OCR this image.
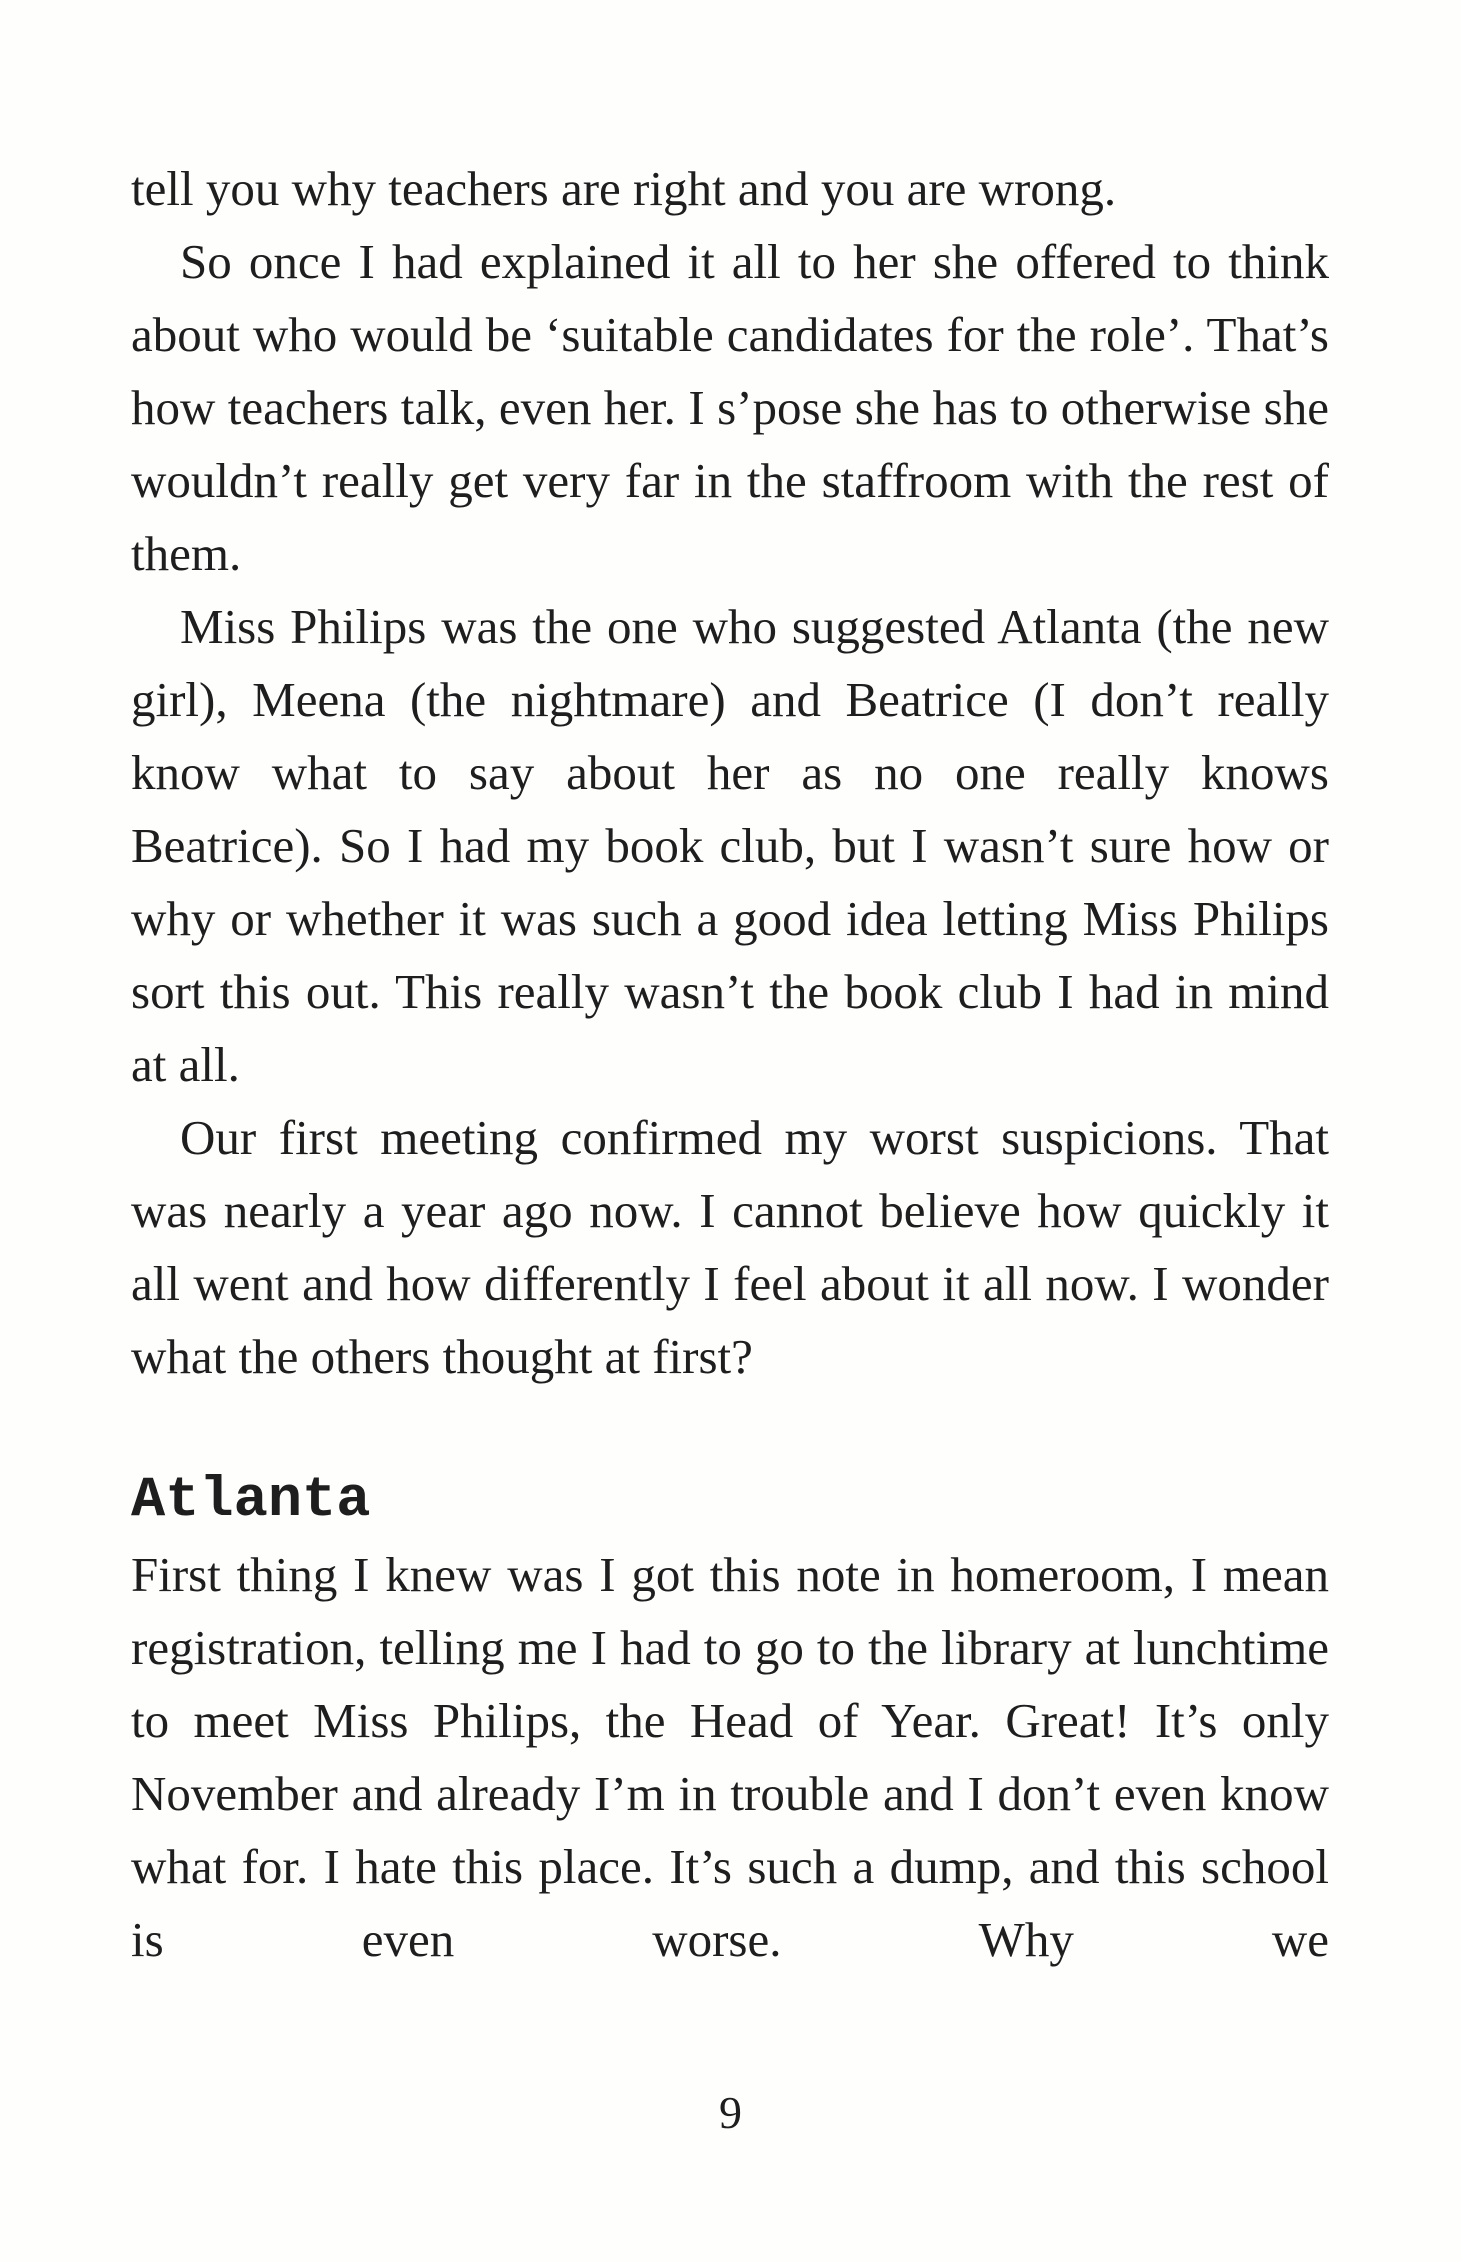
tell you why teachers are right and you are wrong.

So once I had explained it all to her she offered to think about who would be ‘suitable candidates for the role’. That’s how teachers talk, even her. I s’pose she has to otherwise she wouldn’t really get very far in the staffroom with the rest of them.

Miss Philips was the one who suggested Atlanta (the new girl), Meena (the nightmare) and Beatrice (I don’t really know what to say about her as no one really knows Beatrice). So I had my book club, but I wasn’t sure how or why or whether it was such a good idea letting Miss Philips sort this out. This really wasn’t the book club I had in mind at all.

Our first meeting confirmed my worst suspicions. That was nearly a year ago now. I cannot believe how quickly it all went and how differently I feel about it all now. I wonder what the others thought at first?

Atlanta

First thing I knew was I got this note in homeroom, I mean registration, telling me I had to go to the library at lunchtime to meet Miss Philips, the Head of Year. Great! It’s only November and already I’m in trouble and I don’t even know what for. I hate this place. It’s such a dump, and this school is even worse. Why we

9
